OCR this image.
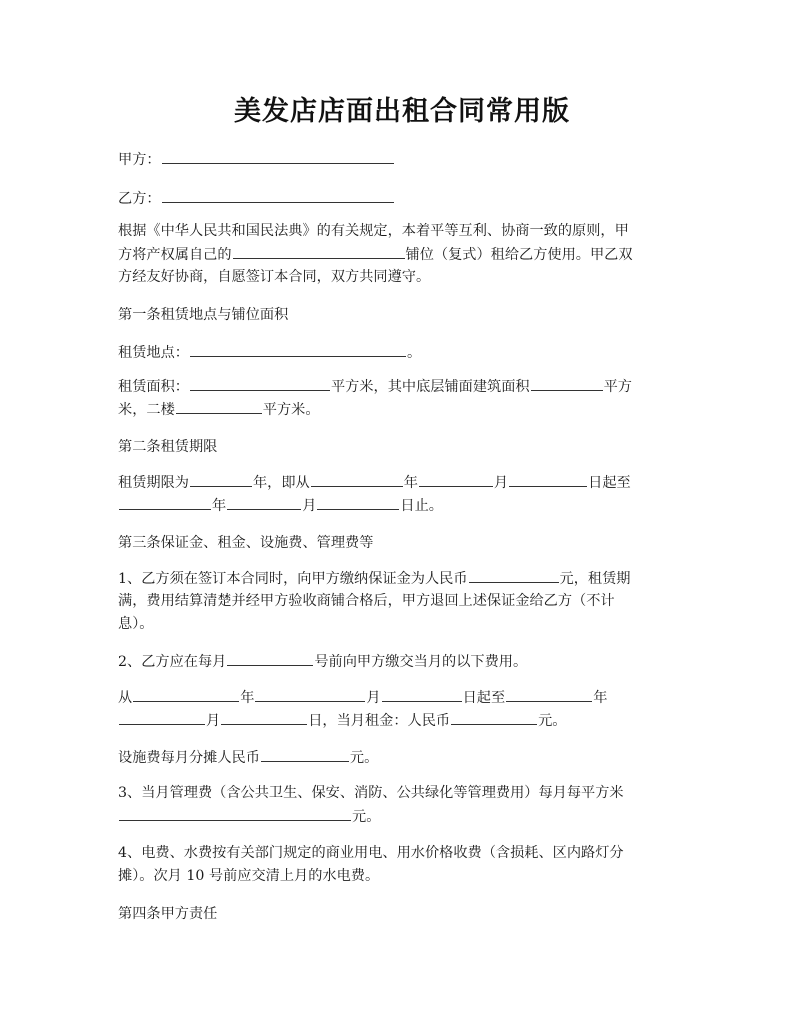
美发店店面出租合同常用版
甲方：
乙方：
根据《中华人民共和国民法典》的有关规定，本着平等互利、协商一致的原则，甲
方将产权属自己的	铺位（复式）租给乙方使用。甲乙双
方经友好协商，自愿签订本合同，双方共同遵守。
第一条租赁地点与铺位面积
租赁地点：	。
租赁面积：	平方米，其中底层铺面建筑面积	平方
米，二楼	平方米。
第二条租赁期限
租赁期限为	年，即从	年	月	日起至
年	月	日止。
第三条保证金、租金、设施费、管理费等
1、乙方须在签订本合同时，向甲方缴纳保证金为人民币	元，租赁期
满，费用结算清楚并经甲方验收商铺合格后，甲方退回上述保证金给乙方（不计
息）。
2、乙方应在每月	号前向甲方缴交当月的以下费用。
从	年	月	日起至	年
月	日，当月租金：人民币	元。
设施费每月分摊人民币	元。
3、当月管理费（含公共卫生、保安、消防、公共绿化等管理费用）每月每平方米
元。
4、电费、水费按有关部门规定的商业用电、用水价格收费（含损耗、区内路灯分
摊）。次月 10 号前应交清上月的水电费。
第四条甲方责任
